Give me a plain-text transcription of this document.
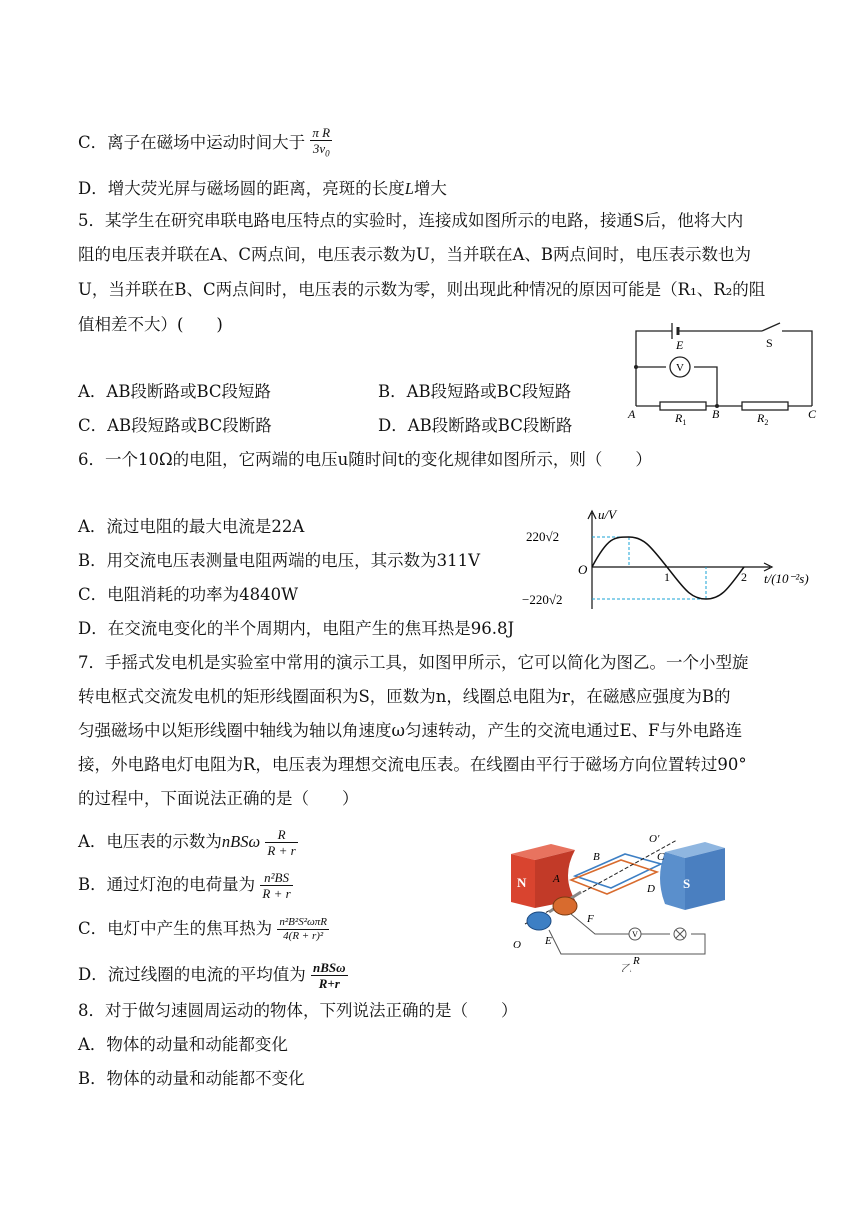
C．离子在磁场中运动时间大于 $\frac{\text{π R}}{3v_0}$
D．增大荧光屏与磁场圆的距离，亮斑的长度L增大
5．某学生在研究串联电路电压特点的实验时，连接成如图所示的电路，接通S后，他将大内
阻的电压表并联在A、C两点间，电压表示数为U，当并联在A、B两点间时，电压表示数也为
U，当并联在B、C两点间时，电压表的示数为零，则出现此种情况的原因可能是（R₁、R₂的阻
值相差不大）(　　)
A．AB段断路或BC段短路	B．AB段短路或BC段短路
C．AB段短路或BC段断路	D．AB段断路或BC段断路
V
E	S
A	B	C
$R_1$	$R_2$
6．一个10Ω的电阻，它两端的电压u随时间t的变化规律如图所示，则（　　）
A．流过电阻的最大电流是22A
B．用交流电压表测量电阻两端的电压，其示数为311V
C．电阻消耗的功率为4840W
D．在交流电变化的半个周期内，电阻产生的焦耳热是96.8J
u/V
220√2
−220√2
O	1	2 t/(10⁻²s)
7．手摇式发电机是实验室中常用的演示工具，如图甲所示，它可以简化为图乙。一个小型旋
转电枢式交流发电机的矩形线圈面积为S，匝数为n，线圈总电阻为r，在磁感应强度为B的
匀强磁场中以矩形线圈中轴线为轴以角速度ω匀速转动，产生的交流电通过E、F与外电路连
接，外电路电灯电阻为R，电压表为理想交流电压表。在线圈由平行于磁场方向位置转过90°
的过程中，下面说法正确的是（　　）
A．电压表的示数为nBSω $\frac{R}{R + r}$
B．通过灯泡的电荷量为 $\frac{\text{n²BS}}{R + r}$
C．电灯中产生的焦耳热为 $\frac{\text{n²B²S²ωπR}}{\text{4(R + r)²}}$
D．流过线圈的电流的平均值为 $\frac{\text{nBSω}}{R+r}$
N	S
V
O′
B	C
A
D
F
O E
R
乙
8．对于做匀速圆周运动的物体，下列说法正确的是（　　）
A．物体的动量和动能都变化
B．物体的动量和动能都不变化
